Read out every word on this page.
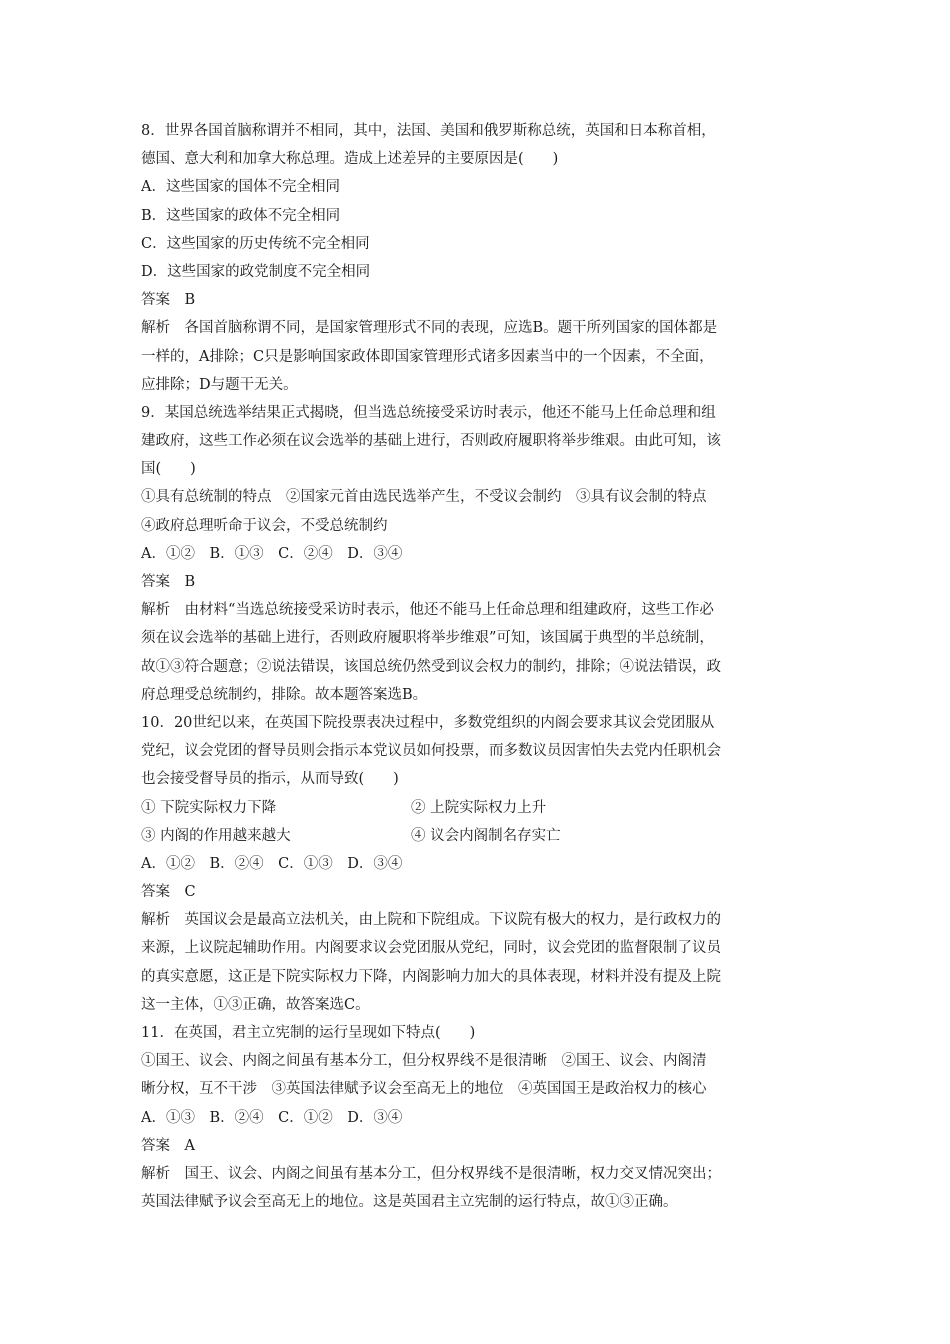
8．世界各国首脑称谓并不相同，其中，法国、美国和俄罗斯称总统，英国和日本称首相，
德国、意大利和加拿大称总理。造成上述差异的主要原因是(　　)
A．这些国家的国体不完全相同
B．这些国家的政体不完全相同
C．这些国家的历史传统不完全相同
D．这些国家的政党制度不完全相同
答案　B
解析　各国首脑称谓不同，是国家管理形式不同的表现，应选B。题干所列国家的国体都是
一样的，A排除；C只是影响国家政体即国家管理形式诸多因素当中的一个因素，不全面，
应排除；D与题干无关。
9．某国总统选举结果正式揭晓，但当选总统接受采访时表示，他还不能马上任命总理和组
建政府，这些工作必须在议会选举的基础上进行，否则政府履职将举步维艰。由此可知，该
国(　　)
①具有总统制的特点　②国家元首由选民选举产生，不受议会制约　③具有议会制的特点
④政府总理听命于议会，不受总统制约
A．①②　B．①③　C．②④　D．③④
答案　B
解析　由材料“当选总统接受采访时表示，他还不能马上任命总理和组建政府，这些工作必
须在议会选举的基础上进行，否则政府履职将举步维艰”可知，该国属于典型的半总统制，
故①③符合题意；②说法错误，该国总统仍然受到议会权力的制约，排除；④说法错误，政
府总理受总统制约，排除。故本题答案选B。
10．20世纪以来，在英国下院投票表决过程中，多数党组织的内阁会要求其议会党团服从
党纪，议会党团的督导员则会指示本党议员如何投票，而多数议员因害怕失去党内任职机会
也会接受督导员的指示，从而导致(　　)
① 下院实际权力下降	② 上院实际权力上升
③ 内阁的作用越来越大	④ 议会内阁制名存实亡
A．①②　B．②④　C．①③　D．③④
答案　C
解析　英国议会是最高立法机关，由上院和下院组成。下议院有极大的权力，是行政权力的
来源，上议院起辅助作用。内阁要求议会党团服从党纪，同时，议会党团的监督限制了议员
的真实意愿，这正是下院实际权力下降，内阁影响力加大的具体表现，材料并没有提及上院
这一主体，①③正确，故答案选C。
11．在英国，君主立宪制的运行呈现如下特点(　　)
①国王、议会、内阁之间虽有基本分工，但分权界线不是很清晰　②国王、议会、内阁清
晰分权，互不干涉　③英国法律赋予议会至高无上的地位　④英国国王是政治权力的核心
A．①③　B．②④　C．①②　D．③④
答案　A
解析　国王、议会、内阁之间虽有基本分工，但分权界线不是很清晰，权力交叉情况突出；
英国法律赋予议会至高无上的地位。这是英国君主立宪制的运行特点，故①③正确。
